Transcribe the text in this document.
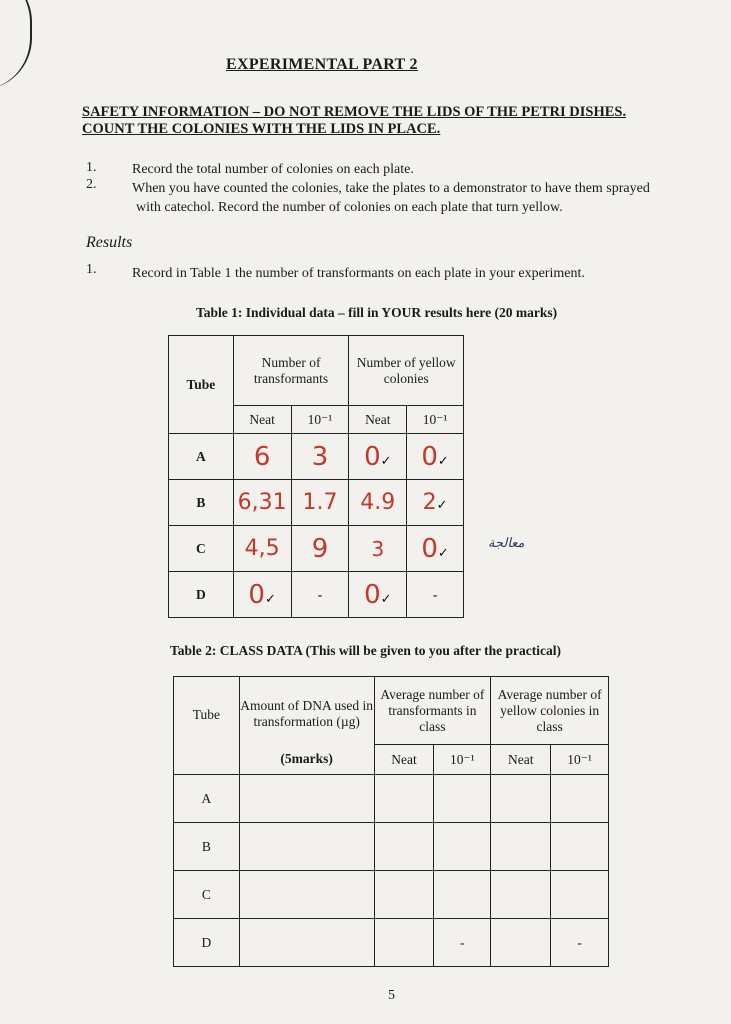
EXPERIMENTAL PART 2
SAFETY INFORMATION – DO NOT REMOVE THE LIDS OF THE PETRI DISHES.
COUNT THE COLONIES WITH THE LIDS IN PLACE.
1.	Record the total number of colonies on each plate.
2.	When you have counted the colonies, take the plates to a demonstrator to have them sprayed
with catechol. Record the number of colonies on each plate that turn yellow.
Results
1.	Record in Table 1 the number of transformants on each plate in your experiment.
Table 1: Individual data – fill in YOUR results here (20 marks)
Tube	Number of transformants		Number of yellow colonies	
	Neat	10⁻¹	Neat	10⁻¹
A	6	3	0✓	0✓
B	6,31	1.7	4.9	2✓
C	4,5	9	3	0✓
D	0✓	-	0✓	-
معالجة
Table 2: CLASS DATA (This will be given to you after the practical)
Tube	Amount of DNA used in transformation (µg)	Average number of transformants in class		Average number of yellow colonies in class	
	(5marks)	Neat	10⁻¹	Neat	10⁻¹
A					
B					
C					
D			-		-
5
